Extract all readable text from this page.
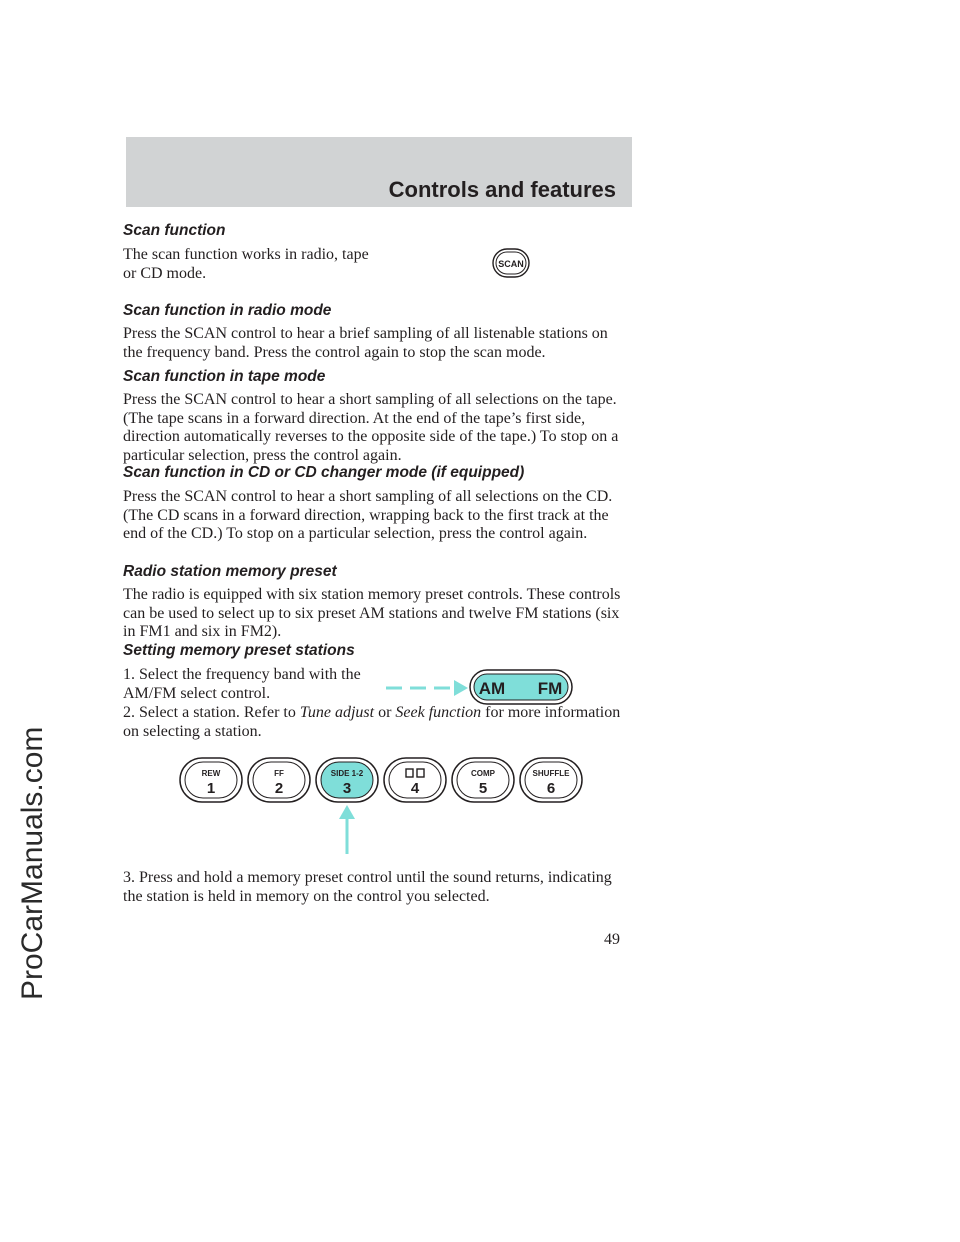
Controls and features
ProCarManuals.com
Scan function

The scan function works in radio, tape or CD mode.

Scan function in radio mode

Press the SCAN control to hear a brief sampling of all listenable stations on the frequency band. Press the control again to stop the scan mode.

Scan function in tape mode

Press the SCAN control to hear a short sampling of all selections on the tape. (The tape scans in a forward direction. At the end of the tape’s first side, direction automatically reverses to the opposite side of the tape.) To stop on a particular selection, press the control again.

Scan function in CD or CD changer mode (if equipped)

Press the SCAN control to hear a short sampling of all selections on the CD. (The CD scans in a forward direction, wrapping back to the first track at the end of the CD.) To stop on a particular selection, press the control again.

Radio station memory preset

The radio is equipped with six station memory preset controls. These controls can be used to select up to six preset AM stations and twelve FM stations (six in FM1 and six in FM2).

Setting memory preset stations

1. Select the frequency band with the AM/FM select control.

2. Select a station. Refer to Tune adjust or Seek function for more information on selecting a station.

3. Press and hold a memory preset control until the sound returns, indicating the station is held in memory on the control you selected.

SCAN
AM FM
REW
1
FF
2
SIDE 1-2
3	4
COMP
5
SHUFFLE
6
49
